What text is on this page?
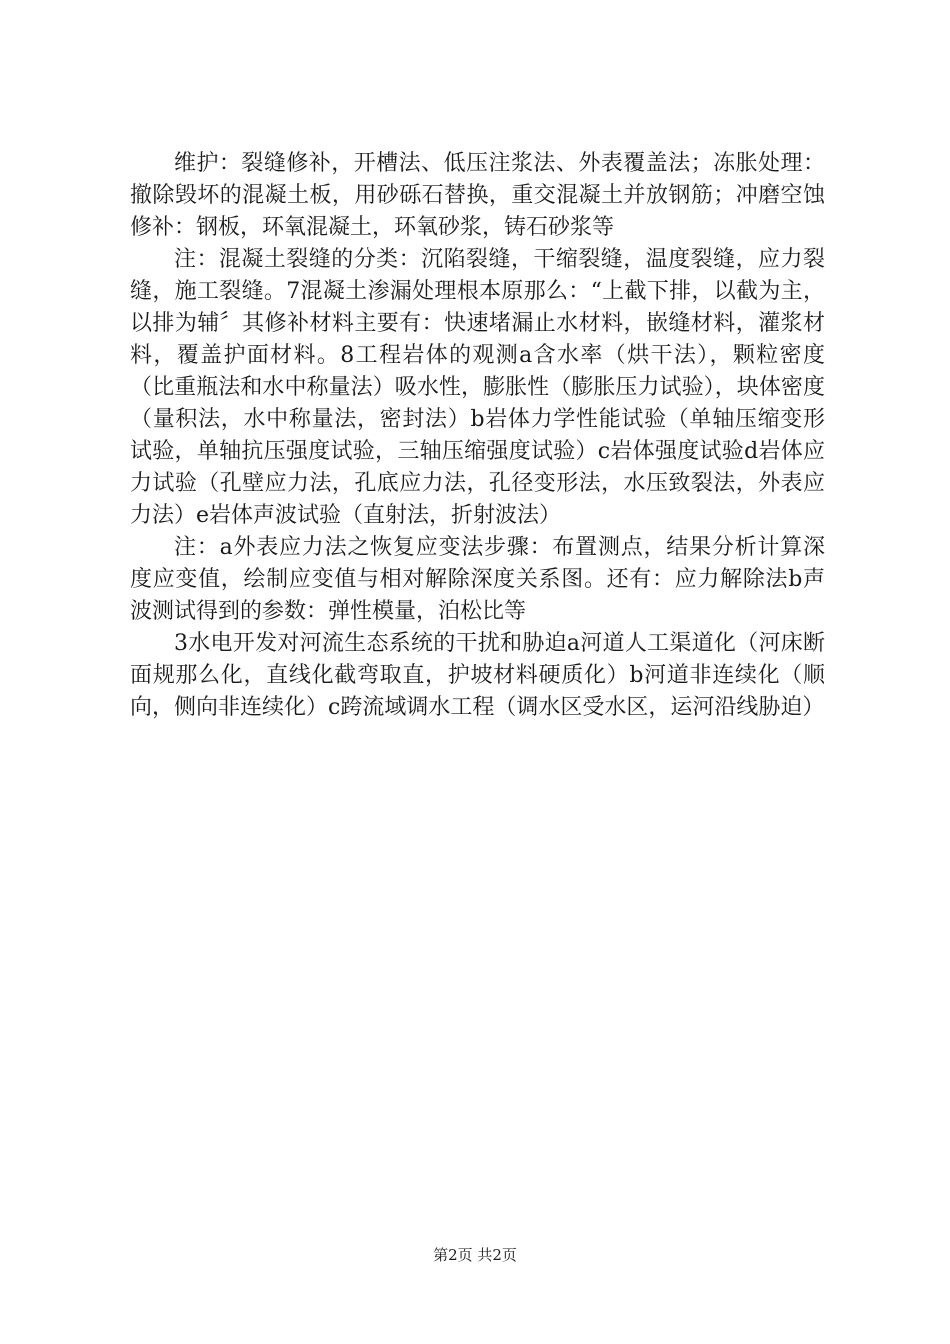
维护：裂缝修补，开槽法、低压注浆法、外表覆盖法；冻胀处理：撤除毁坏的混凝土板，用砂砾石替换，重交混凝土并放钢筋；冲磨空蚀修补：钢板，环氧混凝土，环氧砂浆，铸石砂浆等

注：混凝土裂缝的分类：沉陷裂缝，干缩裂缝，温度裂缝，应力裂缝，施工裂缝。7混凝土渗漏处理根本原那么：“上截下排，以截为主，以排为辅〞其修补材料主要有：快速堵漏止水材料，嵌缝材料，灌浆材料，覆盖护面材料。8工程岩体的观测a含水率（烘干法），颗粒密度（比重瓶法和水中称量法）吸水性，膨胀性（膨胀压力试验），块体密度（量积法，水中称量法，密封法）b岩体力学性能试验（单轴压缩变形试验，单轴抗压强度试验，三轴压缩强度试验）c岩体强度试验d岩体应力试验（孔壁应力法，孔底应力法，孔径变形法，水压致裂法，外表应力法）e岩体声波试验（直射法，折射波法）

注：a外表应力法之恢复应变法步骤：布置测点，结果分析计算深度应变值，绘制应变值与相对解除深度关系图。还有：应力解除法b声波测试得到的参数：弹性模量，泊松比等

3水电开发对河流生态系统的干扰和胁迫a河道人工渠道化（河床断面规那么化，直线化截弯取直，护坡材料硬质化）b河道非连续化（顺向，侧向非连续化）c跨流域调水工程（调水区受水区，运河沿线胁迫）

第2页 共2页
